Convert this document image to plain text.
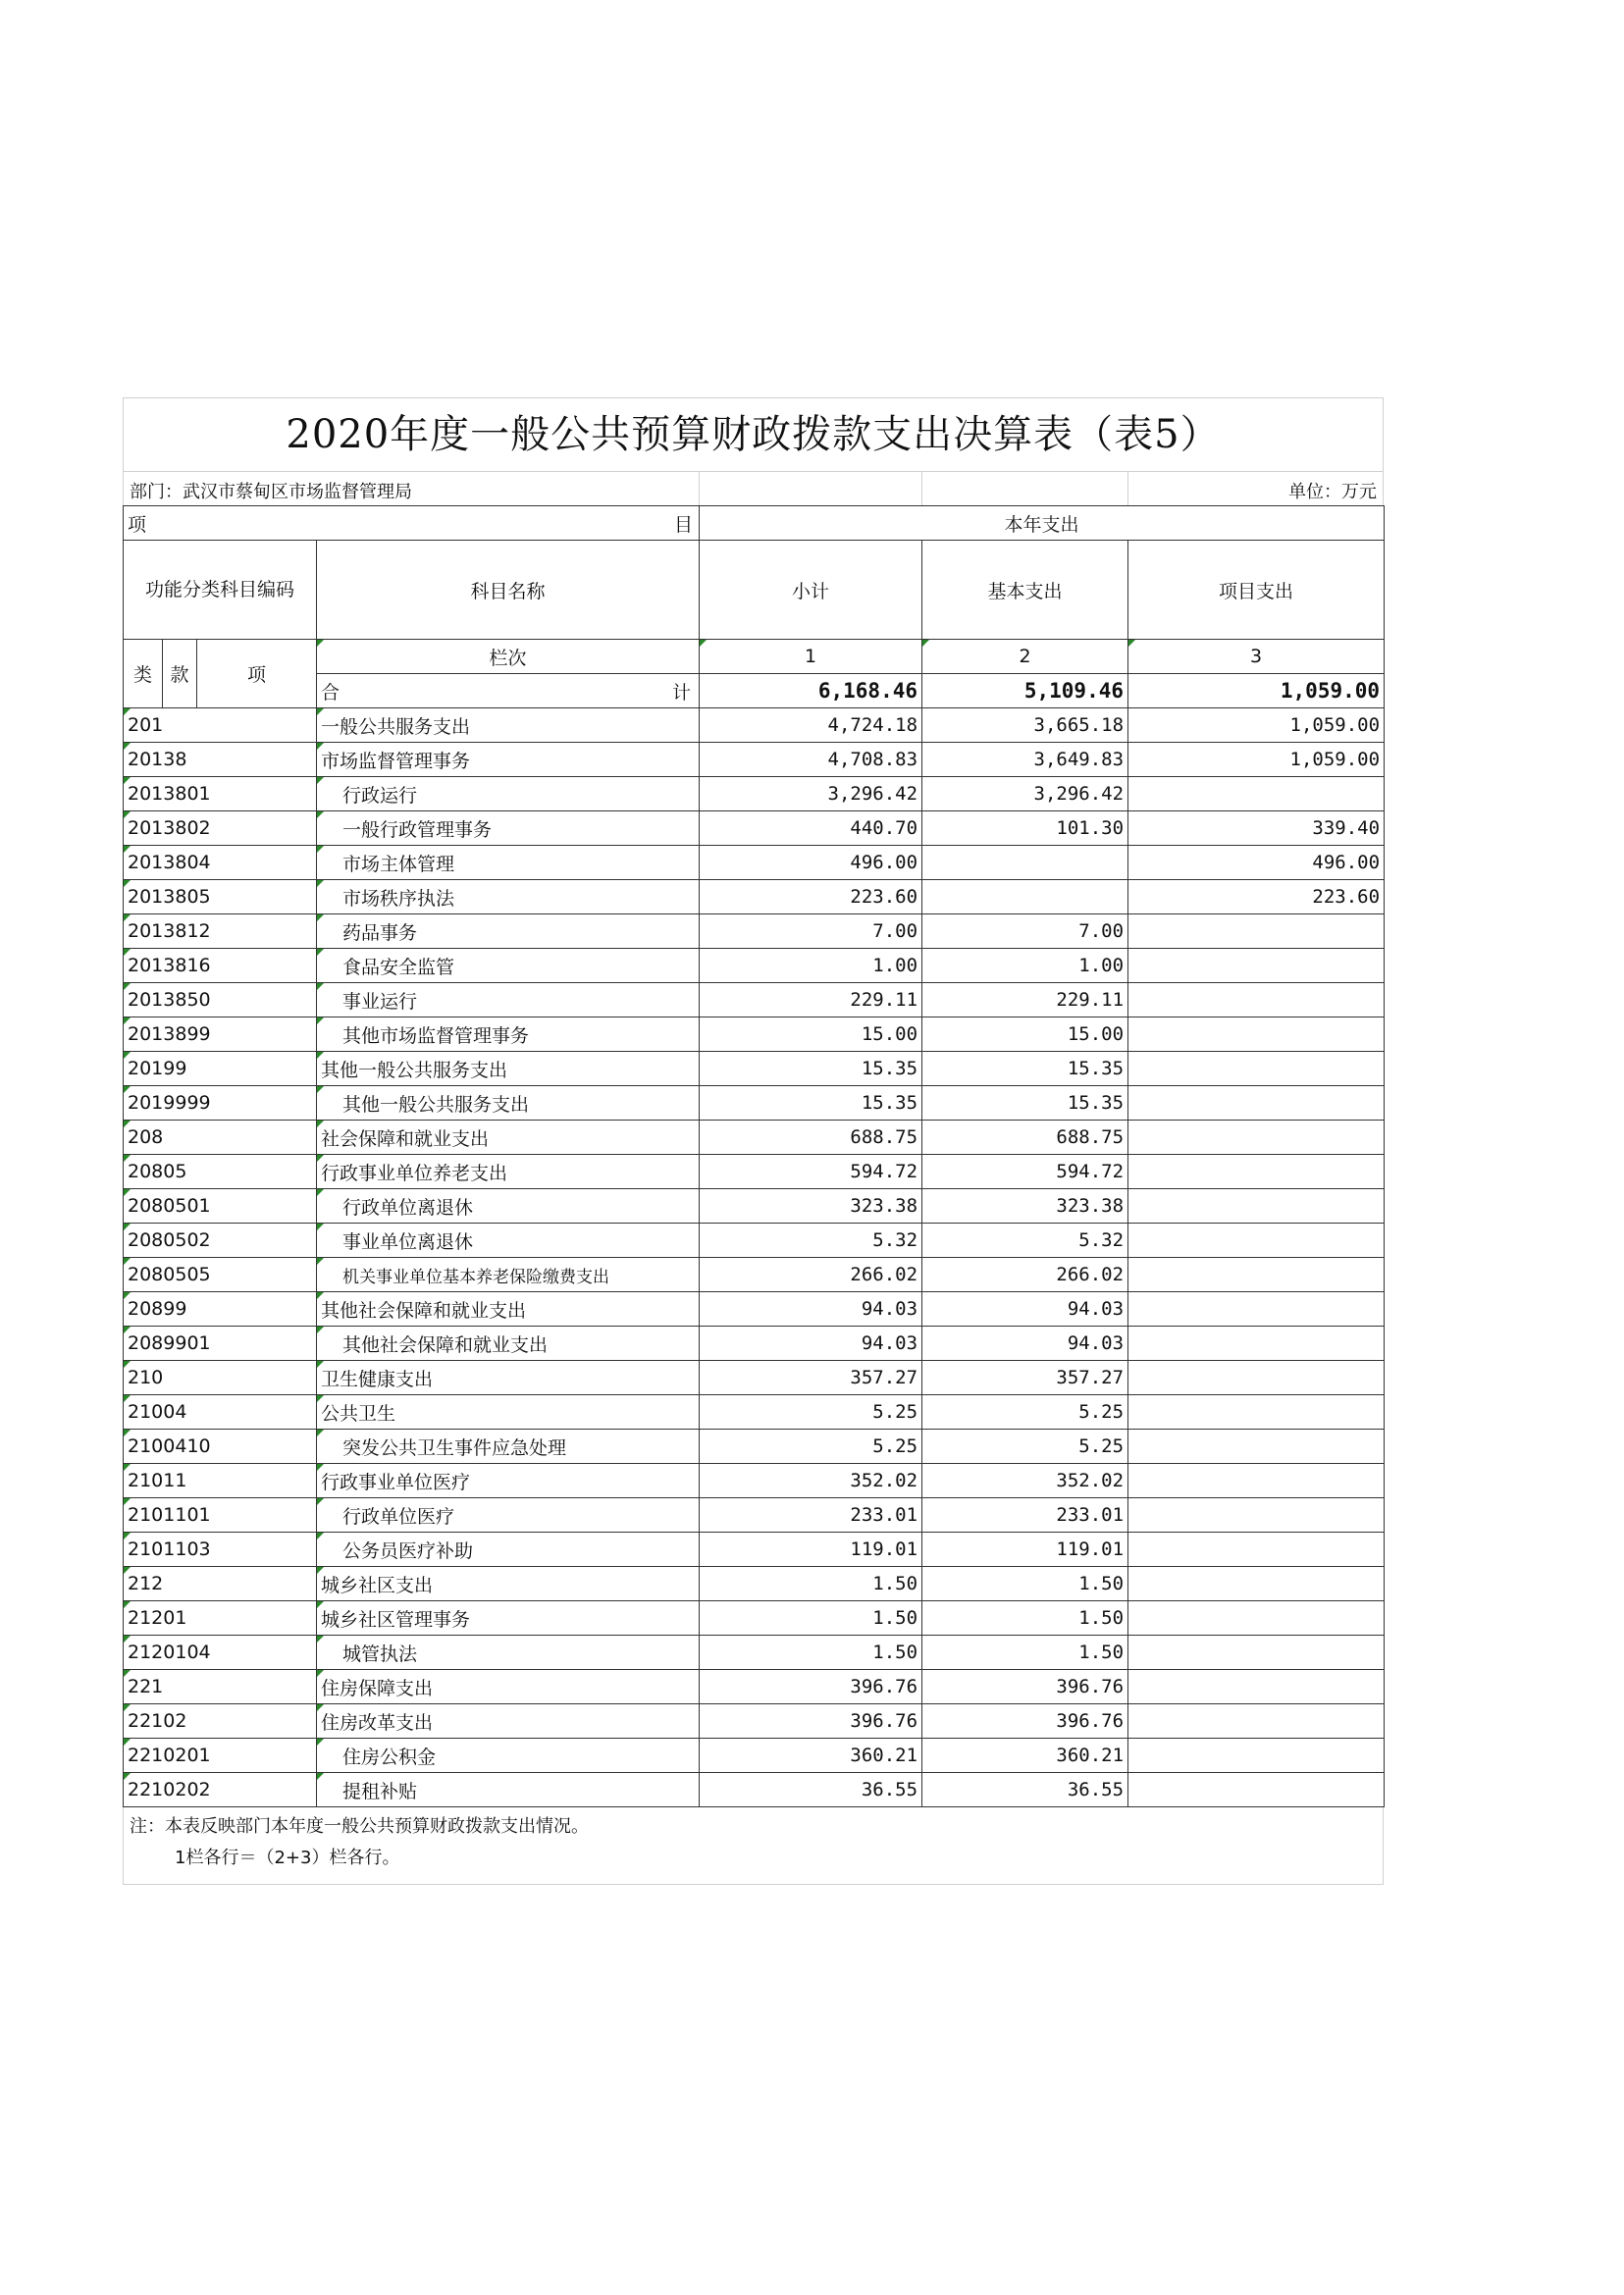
2020年度一般公共预算财政拨款支出决算表（表5）
部门：武汉市蔡甸区市场监督管理局	单位：万元
项 目				本年支出		
功能分类科目编码			科目名称	小计	基本支出	项目支出
类	款	项	栏次	1	2	3
			合 计	6,168.46	5,109.46	1,059.00
201			一般公共服务支出	4,724.18	3,665.18	1,059.00
20138			市场监督管理事务	4,708.83	3,649.83	1,059.00
2013801			行政运行	3,296.42	3,296.42	
2013802			一般行政管理事务	440.70	101.30	339.40
2013804			市场主体管理	496.00		496.00
2013805			市场秩序执法	223.60		223.60
2013812			药品事务	7.00	7.00	
2013816			食品安全监管	1.00	1.00	
2013850			事业运行	229.11	229.11	
2013899			其他市场监督管理事务	15.00	15.00	
20199			其他一般公共服务支出	15.35	15.35	
2019999			其他一般公共服务支出	15.35	15.35	
208			社会保障和就业支出	688.75	688.75	
20805			行政事业单位养老支出	594.72	594.72	
2080501			行政单位离退休	323.38	323.38	
2080502			事业单位离退休	5.32	5.32	
2080505			机关事业单位基本养老保险缴费支出	266.02	266.02	
20899			其他社会保障和就业支出	94.03	94.03	
2089901			其他社会保障和就业支出	94.03	94.03	
210			卫生健康支出	357.27	357.27	
21004			公共卫生	5.25	5.25	
2100410			突发公共卫生事件应急处理	5.25	5.25	
21011			行政事业单位医疗	352.02	352.02	
2101101			行政单位医疗	233.01	233.01	
2101103			公务员医疗补助	119.01	119.01	
212			城乡社区支出	1.50	1.50	
21201			城乡社区管理事务	1.50	1.50	
2120104			城管执法	1.50	1.50	
221			住房保障支出	396.76	396.76	
22102			住房改革支出	396.76	396.76	
2210201			住房公积金	360.21	360.21	
2210202			提租补贴	36.55	36.55	
注：本表反映部门本年度一般公共预算财政拨款支出情况。
1栏各行＝（2+3）栏各行。
